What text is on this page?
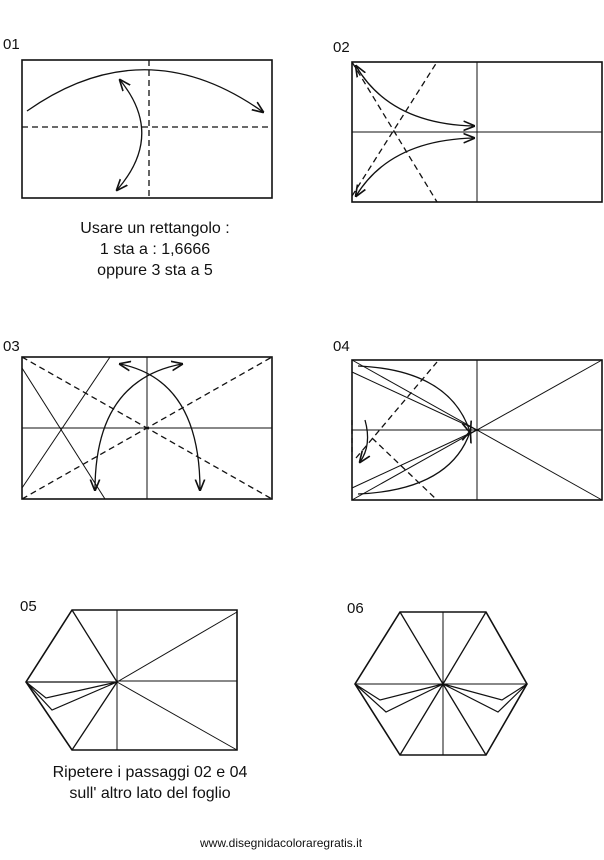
01	02
03	04
05	06
Usare un rettangolo :
1 sta a : 1,6666
oppure 3 sta a 5
Ripetere i passaggi 02 e 04
sull' altro lato del foglio
www.disegnidacoloraregratis.it
